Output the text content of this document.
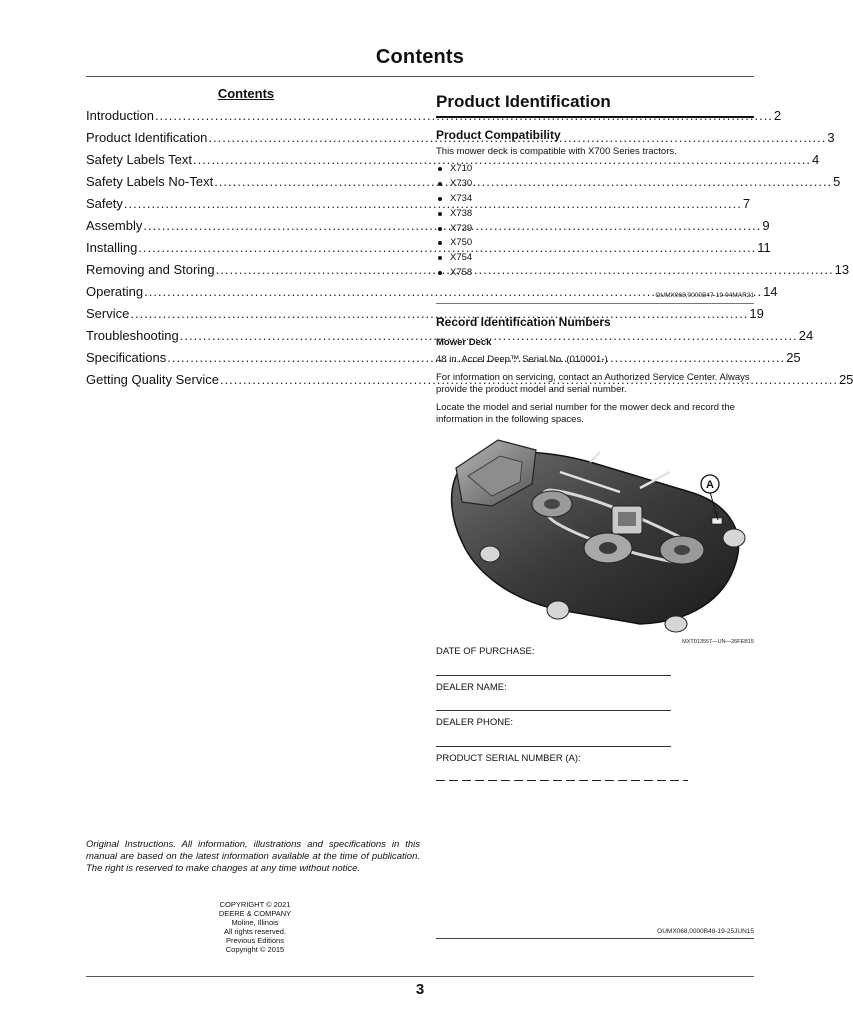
Contents
Contents
Introduction .....	2
Product Identification .....	3
Safety Labels Text .....	4
Safety Labels No-Text .....	5
Safety .....	7
Assembly .....	9
Installing .....	11
Removing and Storing .....	13
Operating .....	14
Service .....	19
Troubleshooting .....	24
Specifications .....	25
Getting Quality Service .....	25
Original Instructions. All information, illustrations and specifications in this manual are based on the latest information available at the time of publication. The right is reserved to make changes at any time without notice.
COPYRIGHT © 2021
DEERE & COMPANY
Moline, Illinois
All rights reserved.
Previous Editions
Copyright © 2015
Product Identification
Product Compatibility
This mower deck is compatible with X700 Series tractors.
X710
X730
X734
X738
X739
X750
X754
X758
OUMX068,0000B47-19-04MAR21
Record Identification Numbers
Mower Deck
48 in. Accel Deep™ Serial No. (010001-)
For information on servicing, contact an Authorized Service Center. Always provide the product model and serial number.
Locate the model and serial number for the mower deck and record the information in the following spaces.
A
MXT013557—UN—26FEB15
DATE OF PURCHASE:
DEALER NAME:
DEALER PHONE:
PRODUCT SERIAL NUMBER (A):
OUMX068,0000B48-19-25JUN15
3
